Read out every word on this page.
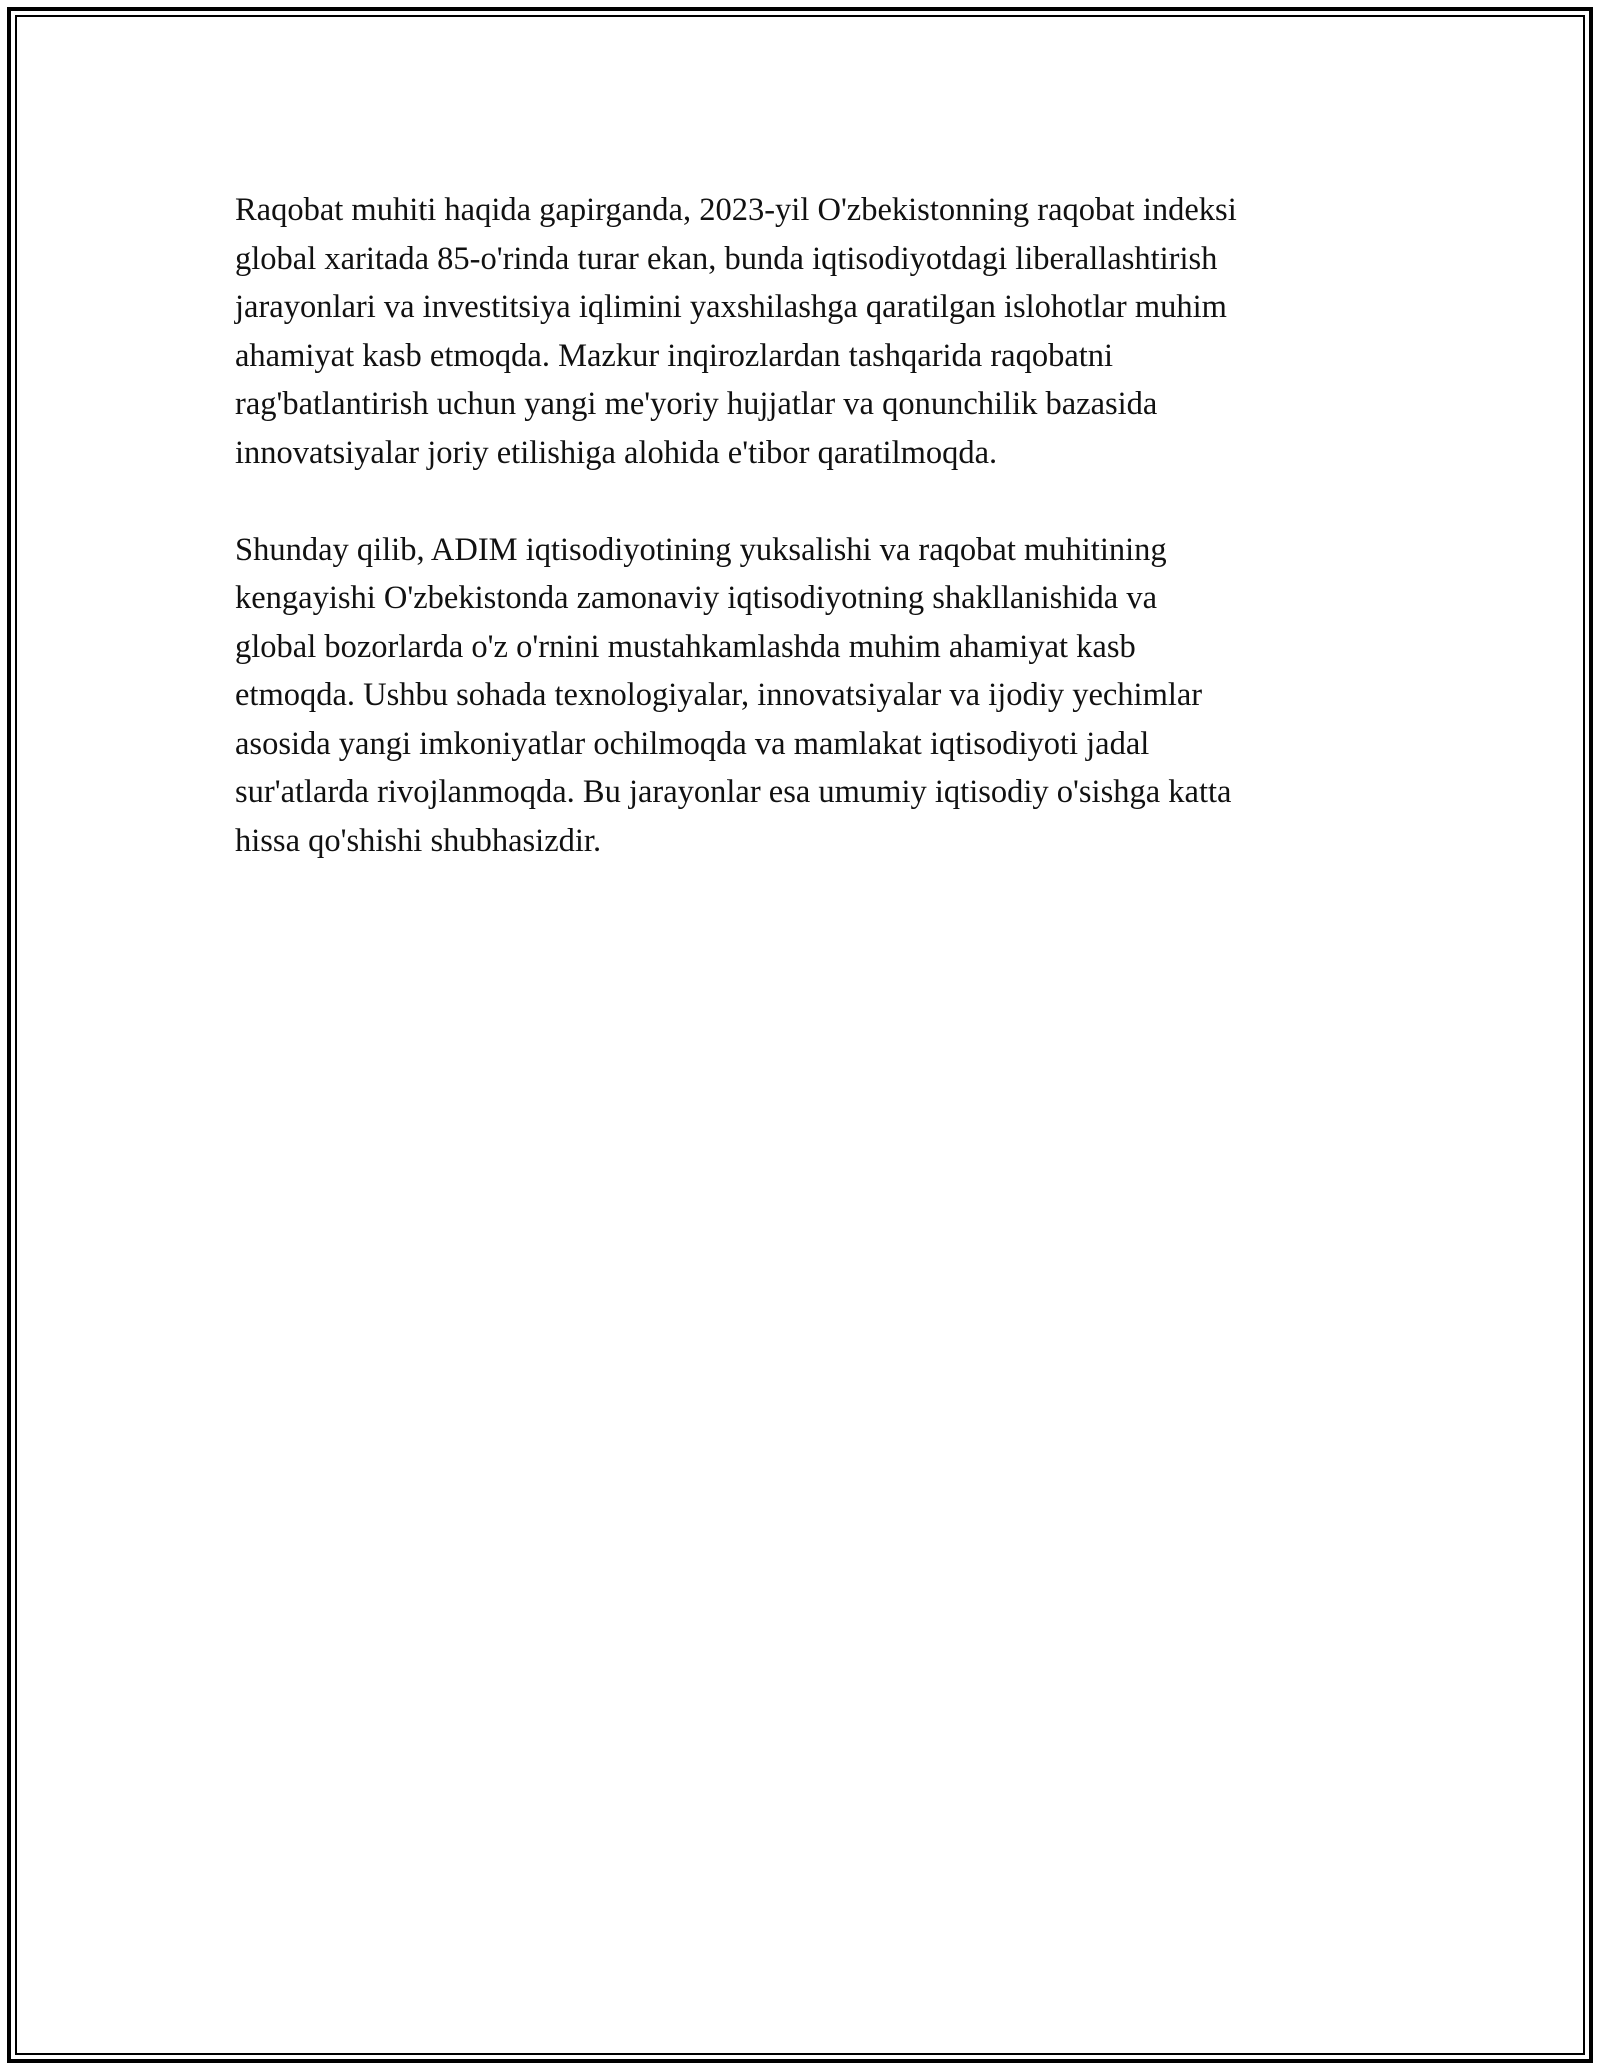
Raqobat muhiti haqida gapirganda, 2023-yil O'zbekistonning raqobat indeksi
global xaritada 85-o'rinda turar ekan, bunda iqtisodiyotdagi liberallashtirish
jarayonlari va investitsiya iqlimini yaxshilashga qaratilgan islohotlar muhim
ahamiyat kasb etmoqda. Mazkur inqirozlardan tashqarida raqobatni
rag'batlantirish uchun yangi me'yoriy hujjatlar va qonunchilik bazasida
innovatsiyalar joriy etilishiga alohida e'tibor qaratilmoqda.

Shunday qilib, ADIM iqtisodiyotining yuksalishi va raqobat muhitining
kengayishi O'zbekistonda zamonaviy iqtisodiyotning shakllanishida va
global bozorlarda o'z o'rnini mustahkamlashda muhim ahamiyat kasb
etmoqda. Ushbu sohada texnologiyalar, innovatsiyalar va ijodiy yechimlar
asosida yangi imkoniyatlar ochilmoqda va mamlakat iqtisodiyoti jadal
sur'atlarda rivojlanmoqda. Bu jarayonlar esa umumiy iqtisodiy o'sishga katta
hissa qo'shishi shubhasizdir.
